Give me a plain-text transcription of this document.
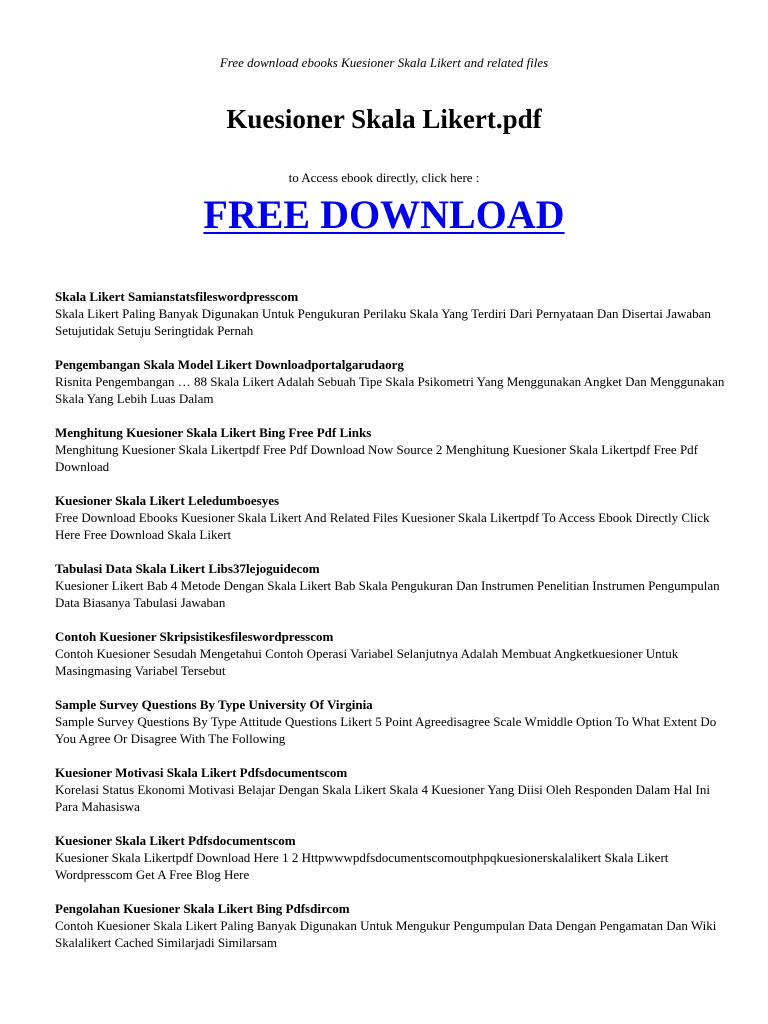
Free download ebooks Kuesioner Skala Likert and related files
Kuesioner Skala Likert.pdf
to Access ebook directly, click here :
FREE DOWNLOAD
Skala Likert Samianstatsfileswordpresscom
Skala Likert Paling Banyak Digunakan Untuk Pengukuran Perilaku Skala Yang Terdiri Dari Pernyataan Dan Disertai Jawaban Setujutidak Setuju Seringtidak Pernah
Pengembangan Skala Model Likert Downloadportalgarudaorg
Risnita Pengembangan … 88 Skala Likert Adalah Sebuah Tipe Skala Psikometri Yang Menggunakan Angket Dan Menggunakan Skala Yang Lebih Luas Dalam
Menghitung Kuesioner Skala Likert Bing Free Pdf Links
Menghitung Kuesioner Skala Likertpdf Free Pdf Download Now Source 2 Menghitung Kuesioner Skala Likertpdf Free Pdf Download
Kuesioner Skala Likert Leledumboesyes
Free Download Ebooks Kuesioner Skala Likert And Related Files Kuesioner Skala Likertpdf To Access Ebook Directly Click Here Free Download Skala Likert
Tabulasi Data Skala Likert Libs37lejoguidecom
Kuesioner Likert Bab 4 Metode Dengan Skala Likert Bab Skala Pengukuran Dan Instrumen Penelitian Instrumen Pengumpulan Data Biasanya Tabulasi Jawaban
Contoh Kuesioner Skripsistikesfileswordpresscom
Contoh Kuesioner Sesudah Mengetahui Contoh Operasi Variabel Selanjutnya Adalah Membuat Angketkuesioner Untuk Masingmasing Variabel Tersebut
Sample Survey Questions By Type University Of Virginia
Sample Survey Questions By Type Attitude Questions Likert 5 Point Agreedisagree Scale Wmiddle Option To What Extent Do You Agree Or Disagree With The Following
Kuesioner Motivasi Skala Likert Pdfsdocumentscom
Korelasi Status Ekonomi Motivasi Belajar Dengan Skala Likert Skala 4 Kuesioner Yang Diisi Oleh Responden Dalam Hal Ini Para Mahasiswa
Kuesioner Skala Likert Pdfsdocumentscom
Kuesioner Skala Likertpdf Download Here 1 2 Httpwwwpdfsdocumentscomoutphpqkuesionerskalalikert Skala Likert Wordpresscom Get A Free Blog Here
Pengolahan Kuesioner Skala Likert Bing Pdfsdircom
Contoh Kuesioner Skala Likert Paling Banyak Digunakan Untuk Mengukur Pengumpulan Data Dengan Pengamatan Dan Wiki Skalalikert Cached Similarjadi Similarsam
